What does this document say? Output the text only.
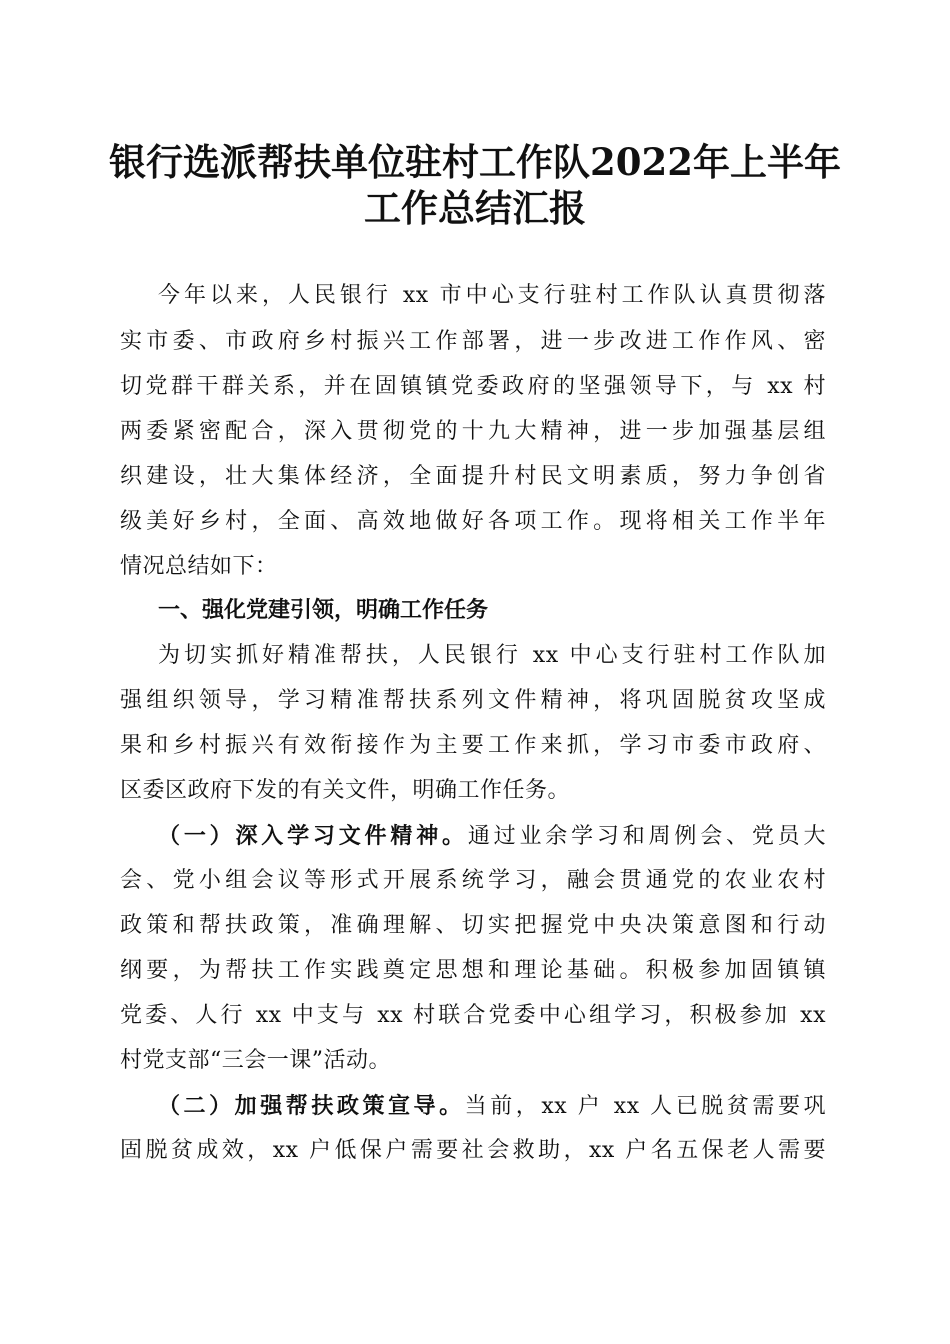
银行选派帮扶单位驻村工作队2022年上半年
工作总结汇报
今年以来，人民银行 xx 市中心支行驻村工作队认真贯彻落
实市委、市政府乡村振兴工作部署，进一步改进工作作风、密
切党群干群关系，并在固镇镇党委政府的坚强领导下，与 xx 村
两委紧密配合，深入贯彻党的十九大精神，进一步加强基层组
织建设，壮大集体经济，全面提升村民文明素质，努力争创省
级美好乡村，全面、高效地做好各项工作。现将相关工作半年
情况总结如下：
一、强化党建引领，明确工作任务
为切实抓好精准帮扶，人民银行 xx 中心支行驻村工作队加
强组织领导，学习精准帮扶系列文件精神，将巩固脱贫攻坚成
果和乡村振兴有效衔接作为主要工作来抓，学习市委市政府、
区委区政府下发的有关文件，明确工作任务。
（一）深入学习文件精神。通过业余学习和周例会、党员大
会、党小组会议等形式开展系统学习，融会贯通党的农业农村
政策和帮扶政策，准确理解、切实把握党中央决策意图和行动
纲要，为帮扶工作实践奠定思想和理论基础。积极参加固镇镇
党委、人行 xx 中支与 xx 村联合党委中心组学习，积极参加 xx
村党支部“三会一课”活动。
（二）加强帮扶政策宣导。当前，xx 户 xx 人已脱贫需要巩
固脱贫成效，xx 户低保户需要社会救助，xx 户名五保老人需要
